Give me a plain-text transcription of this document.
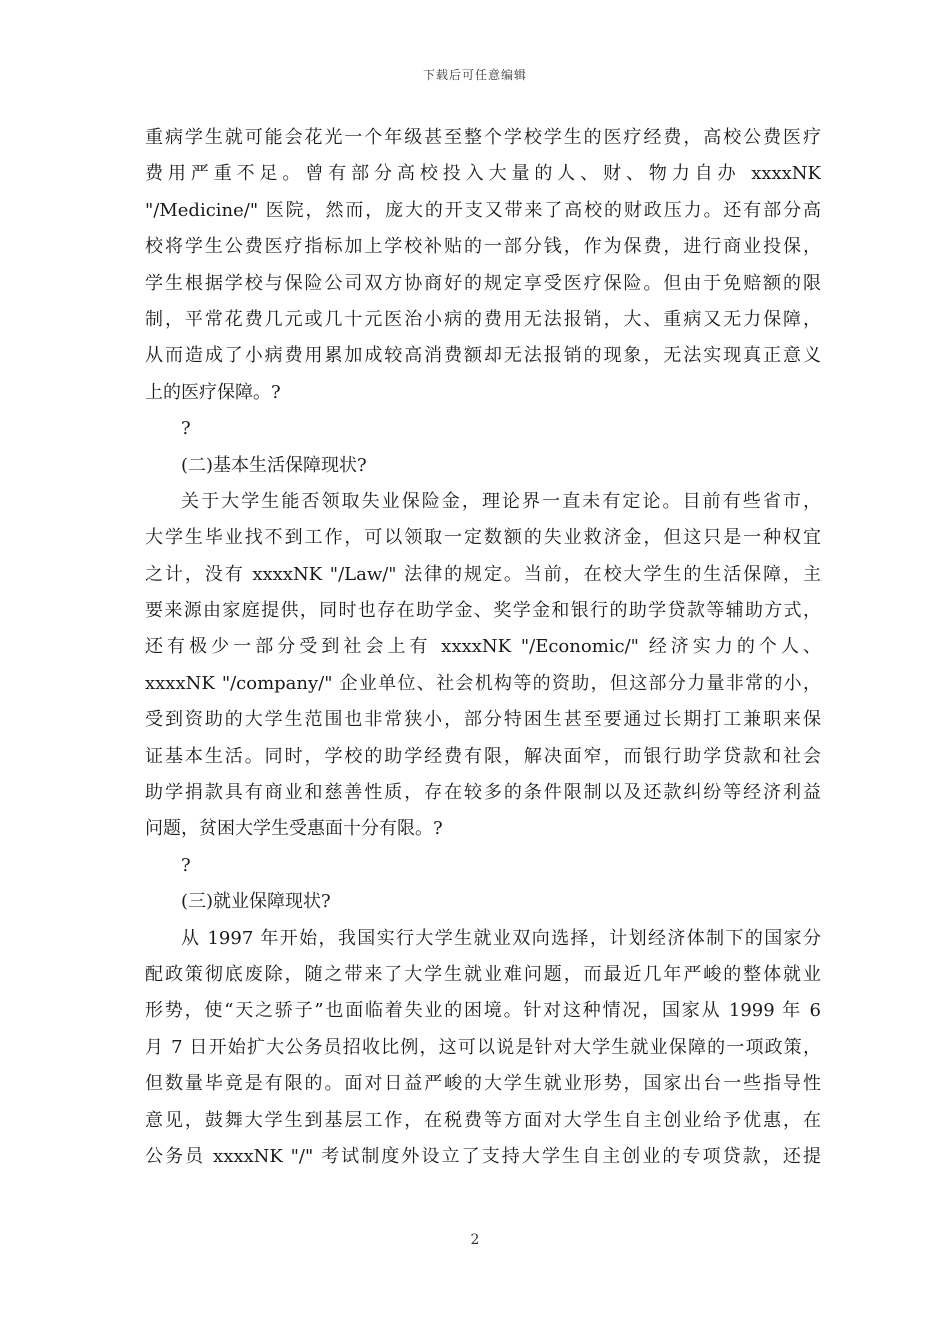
下载后可任意编辑
重病学生就可能会花光一个年级甚至整个学校学生的医疗经费，高校公费医疗
费用严重不足。曾有部分高校投入大量的人、财、物力自办 xxxxNK
"/Medicine/" 医院，然而，庞大的开支又带来了高校的财政压力。还有部分高
校将学生公费医疗指标加上学校补贴的一部分钱，作为保费，进行商业投保，
学生根据学校与保险公司双方协商好的规定享受医疗保险。但由于免赔额的限
制，平常花费几元或几十元医治小病的费用无法报销，大、重病又无力保障，
从而造成了小病费用累加成较高消费额却无法报销的现象，无法实现真正意义
上的医疗保障。?
?
(二)基本生活保障现状?
关于大学生能否领取失业保险金，理论界一直未有定论。目前有些省市，
大学生毕业找不到工作，可以领取一定数额的失业救济金，但这只是一种权宜
之计，没有 xxxxNK "/Law/" 法律的规定。当前，在校大学生的生活保障，主
要来源由家庭提供，同时也存在助学金、奖学金和银行的助学贷款等辅助方式，
还有极少一部分受到社会上有 xxxxNK "/Economic/" 经济实力的个人、
xxxxNK "/company/" 企业单位、社会机构等的资助，但这部分力量非常的小，
受到资助的大学生范围也非常狭小，部分特困生甚至要通过长期打工兼职来保
证基本生活。同时，学校的助学经费有限，解决面窄，而银行助学贷款和社会
助学捐款具有商业和慈善性质，存在较多的条件限制以及还款纠纷等经济利益
问题，贫困大学生受惠面十分有限。?
?
(三)就业保障现状?
从 1997 年开始，我国实行大学生就业双向选择，计划经济体制下的国家分
配政策彻底废除，随之带来了大学生就业难问题，而最近几年严峻的整体就业
形势，使“天之骄子”也面临着失业的困境。针对这种情况，国家从 1999 年 6
月 7 日开始扩大公务员招收比例，这可以说是针对大学生就业保障的一项政策，
但数量毕竟是有限的。面对日益严峻的大学生就业形势，国家出台一些指导性
意见，鼓舞大学生到基层工作，在税费等方面对大学生自主创业给予优惠，在
公务员 xxxxNK "/" 考试制度外设立了支持大学生自主创业的专项贷款，还提
2
